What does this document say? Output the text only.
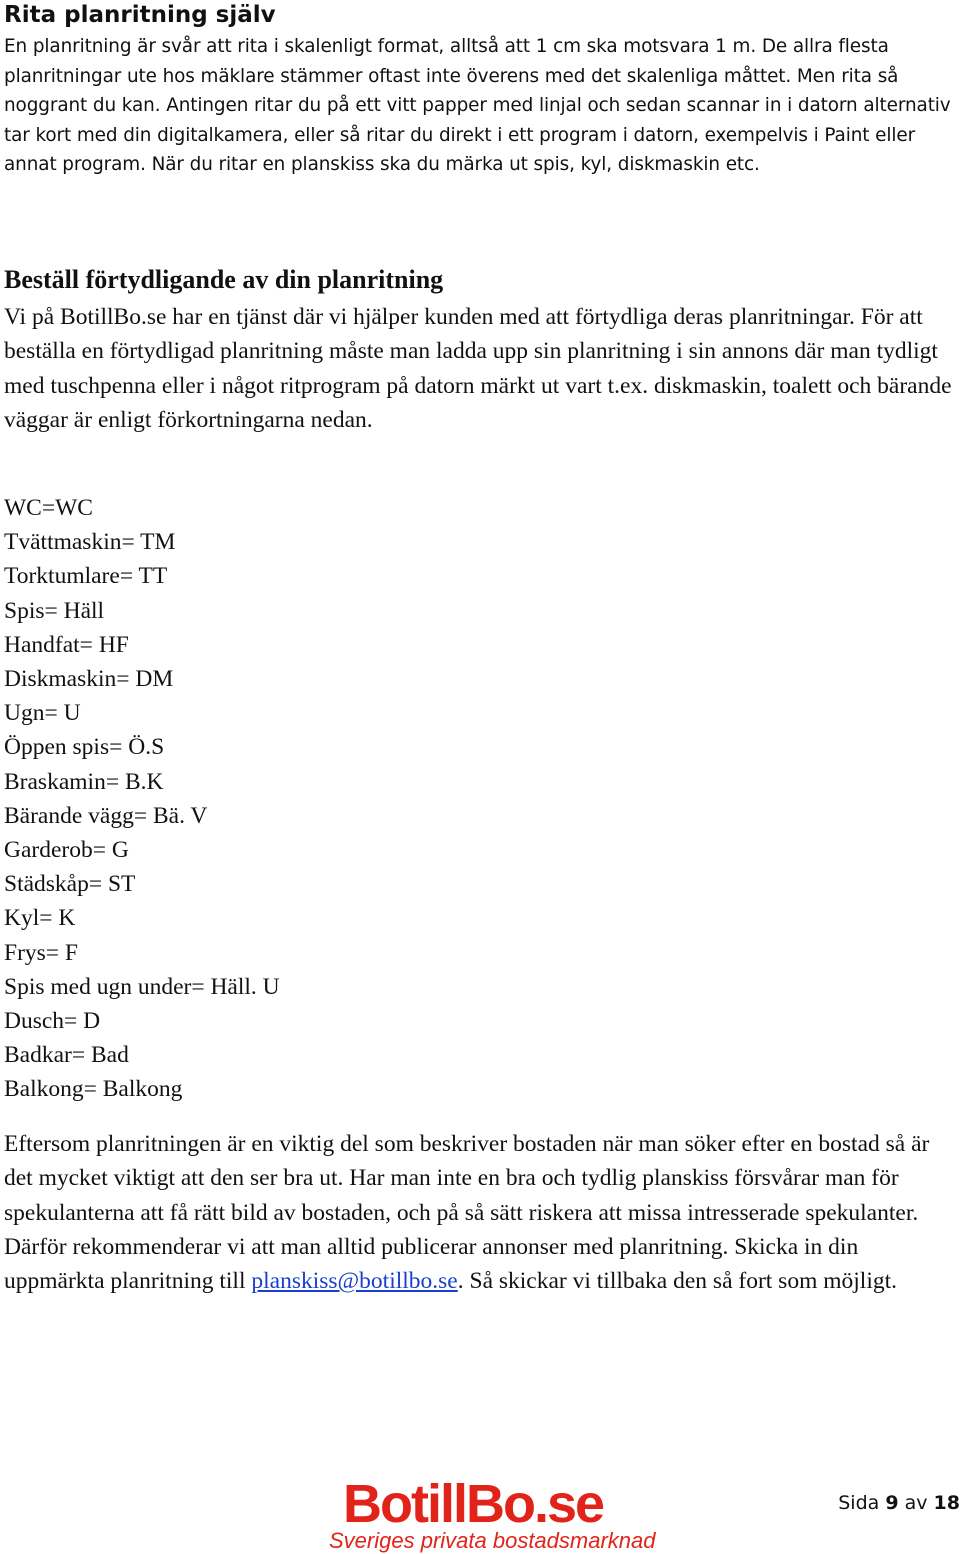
Rita planritning själv

En planritning är svår att rita i skalenligt format, alltså att 1 cm ska motsvara 1 m. De allra flesta planritningar ute hos mäklare stämmer oftast inte överens med det skalenliga måttet. Men rita så noggrant du kan. Antingen ritar du på ett vitt papper med linjal och sedan scannar in i datorn alternativ tar kort med din digitalkamera, eller så ritar du direkt i ett program i datorn, exempelvis i Paint eller annat program. När du ritar en planskiss ska du märka ut spis, kyl, diskmaskin etc.

Beställ förtydligande av din planritning

Vi på BotillBo.se har en tjänst där vi hjälper kunden med att förtydliga deras planritningar. För att beställa en förtydligad planritning måste man ladda upp sin planritning i sin annons där man tydligt med tuschpenna eller i något ritprogram på datorn märkt ut vart t.ex. diskmaskin, toalett och bärande väggar är enligt förkortningarna nedan.

WC=WC
Tvättmaskin= TM
Torktumlare= TT
Spis= Häll
Handfat= HF
Diskmaskin= DM
Ugn= U
Öppen spis= Ö.S
Braskamin= B.K
Bärande vägg= Bä. V
Garderob= G
Städskåp= ST
Kyl= K
Frys= F
Spis med ugn under= Häll. U
Dusch= D
Badkar= Bad
Balkong= Balkong

Eftersom planritningen är en viktig del som beskriver bostaden när man söker efter en bostad så är det mycket viktigt att den ser bra ut. Har man inte en bra och tydlig planskiss försvårar man för spekulanterna att få rätt bild av bostaden, och på så sätt riskera att missa intresserade spekulanter.

Därför rekommenderar vi att man alltid publicerar annonser med planritning. Skicka in din uppmärkta planritning till planskiss@botillbo.se. Så skickar vi tillbaka den så fort som möjligt.

BotillBo.se
Sveriges privata bostadsmarknad
Sida 9 av 18
